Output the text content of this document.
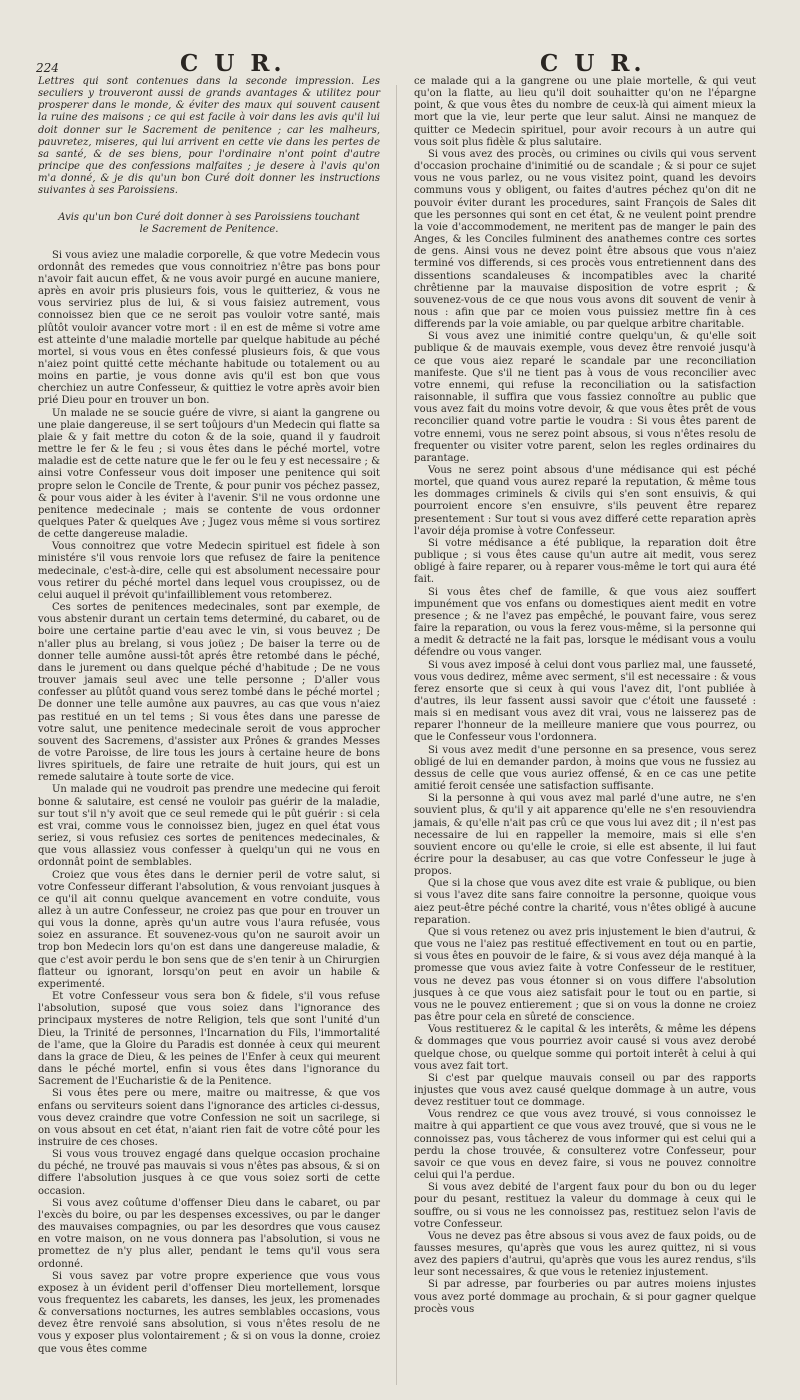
224	C U R.	C U R.

Lettres qui sont contenues dans la seconde impression. Les seculiers y trouveront aussi de grands avantages & utilitez pour prosperer dans le monde, & éviter des maux qui souvent causent la ruine des maisons ; ce qui est facile à voir dans les avis qu'il lui doit donner sur le Sacrement de penitence ; car les malheurs, pauvretez, miseres, qui lui arrivent en cette vie dans les pertes de sa santé, & de ses biens, pour l'ordinaire n'ont point d'autre principe que des confessions malfaites ; je desere à l'avis qu'on m'a donné, & je dis qu'un bon Curé doit donner les instructions suivantes à ses Paroissiens.

Avis qu'un bon Curé doit donner à ses Paroissiens touchant le Sacrement de Penitence.

Si vous aviez une maladie corporelle, & que votre Medecin vous ordonnât des remedes que vous connoitriez n'être pas bons pour n'avoir fait aucun effet, & ne vous avoir purgé en aucune maniere, après en avoir pris plusieurs fois, vous le quitteriez, & vous ne vous serviriez plus de lui, & si vous faisiez autrement, vous connoissez bien que ce ne seroit pas vouloir votre santé, mais plûtôt vouloir avancer votre mort : il en est de même si votre ame est atteinte d'une maladie mortelle par quelque habitude au péché mortel, si vous vous en êtes confessé plusieurs fois, & que vous n'aiez point quitté cette méchante habitude ou totalement ou au moins en partie, je vous donne avis qu'il est bon que vous cherchiez un autre Confesseur, & quittiez le votre après avoir bien prié Dieu pour en trouver un bon.

Un malade ne se soucie guére de vivre, si aiant la gangrene ou une plaie dangereuse, il se sert toûjours d'un Medecin qui flatte sa plaie & y fait mettre du coton & de la soie, quand il y faudroit mettre le fer & le feu ; si vous êtes dans le péché mortel, votre maladie est de cette nature que le fer ou le feu y est necessaire ; & ainsi votre Confesseur vous doit imposer une penitence qui soit propre selon le Concile de Trente, & pour punir vos péchez passez, & pour vous aider à les éviter à l'avenir. S'il ne vous ordonne une penitence medecinale ; mais se contente de vous ordonner quelques Pater & quelques Ave ; Jugez vous même si vous sortirez de cette dangereuse maladie.

Vous connoitrez que votre Medecin spirituel est fidele à son ministére s'il vous renvoie lors que refusez de faire la penitence medecinale, c'est-à-dire, celle qui est absolument necessaire pour vous retirer du péché mortel dans lequel vous croupissez, ou de celui auquel il prévoit qu'infailliblement vous retomberez.

Ces sortes de penitences medecinales, sont par exemple, de vous abstenir durant un certain tems determiné, du cabaret, ou de boire une certaine partie d'eau avec le vin, si vous beuvez ; De n'aller plus au brelang, si vous joüez ; De baiser la terre ou de donner telle aumône aussi-tôt aprés être retombé dans le péché, dans le jurement ou dans quelque péché d'habitude ; De ne vous trouver jamais seul avec une telle personne ; D'aller vous confesser au plûtôt quand vous serez tombé dans le péché mortel ; De donner une telle aumône aux pauvres, au cas que vous n'aiez pas restitué en un tel tems ; Si vous êtes dans une paresse de votre salut, une penitence medecinale seroit de vous approcher souvent des Sacremens, d'assister aux Prônes & grandes Messes de votre Paroisse, de lire tous les jours à certaine heure de bons livres spirituels, de faire une retraite de huit jours, qui est un remede salutaire à toute sorte de vice.

Un malade qui ne voudroit pas prendre une medecine qui feroit bonne & salutaire, est censé ne vouloir pas guérir de la maladie, sur tout s'il n'y avoit que ce seul remede qui le pût guérir : si cela est vrai, comme vous le connoissez bien, jugez en quel état vous seriez, si vous refusiez ces sortes de penitences medecinales, & que vous allassiez vous confesser à quelqu'un qui ne vous en ordonnât point de semblables.

Croiez que vous êtes dans le dernier peril de votre salut, si votre Confesseur differant l'absolution, & vous renvoiant jusques à ce qu'il ait connu quelque avancement en votre conduite, vous allez à un autre Confesseur, ne croiez pas que pour en trouver un qui vous la donne, après qu'un autre vous l'aura refusée, vous soiez en assurance. Et souvenez-vous qu'on ne sauroit avoir un trop bon Medecin lors qu'on est dans une dangereuse maladie, & que c'est avoir perdu le bon sens que de s'en tenir à un Chirurgien flatteur ou ignorant, lorsqu'on peut en avoir un habile & experimenté.

Et votre Confesseur vous sera bon & fidele, s'il vous refuse l'absolution, suposé que vous soiez dans l'ignorance des principaux mysteres de notre Religion, tels que sont l'unité d'un Dieu, la Trinité de personnes, l'Incarnation du Fils, l'immortalité de l'ame, que la Gloire du Paradis est donnée à ceux qui meurent dans la grace de Dieu, & les peines de l'Enfer à ceux qui meurent dans le péché mortel, enfin si vous êtes dans l'ignorance du Sacrement de l'Eucharistie & de la Penitence.

Si vous êtes pere ou mere, maitre ou maitresse, & que vos enfans ou serviteurs soient dans l'ignorance des articles ci-dessus, vous devez craindre que votre Confession ne soit un sacrilege, si on vous absout en cet état, n'aiant rien fait de votre côté pour les instruire de ces choses.

Si vous vous trouvez engagé dans quelque occasion prochaine du péché, ne trouvé pas mauvais si vous n'êtes pas absous, & si on differe l'absolution jusques à ce que vous soiez sorti de cette occasion.

Si vous avez coûtume d'offenser Dieu dans le cabaret, ou par l'excès du boire, ou par les despenses excessives, ou par le danger des mauvaises compagnies, ou par les desordres que vous causez en votre maison, on ne vous donnera pas l'absolution, si vous ne promettez de n'y plus aller, pendant le tems qu'il vous sera ordonné.

Si vous savez par votre propre experience que vous vous exposez à un évident peril d'offenser Dieu mortellement, lorsque vous frequentez les cabarets, les danses, les jeux, les promenades & conversations nocturnes, les autres semblables occasions, vous devez être renvoié sans absolution, si vous n'êtes resolu de ne vous y exposer plus volontairement ; & si on vous la donne, croiez que vous êtes comme

ce malade qui a la gangrene ou une plaie mortelle, & qui veut qu'on la flatte, au lieu qu'il doit souhaitter qu'on ne l'épargne point, & que vous êtes du nombre de ceux-là qui aiment mieux la mort que la vie, leur perte que leur salut. Ainsi ne manquez de quitter ce Medecin spirituel, pour avoir recours à un autre qui vous soit plus fidèle & plus salutaire.

Si vous avez des procès, ou crimines ou civils qui vous servent d'occasion prochaine d'inimitié ou de scandale ; & si pour ce sujet vous ne vous parlez, ou ne vous visitez point, quand les devoirs communs vous y obligent, ou faites d'autres péchez qu'on dit ne pouvoir éviter durant les procedures, saint François de Sales dit que les personnes qui sont en cet état, & ne veulent point prendre la voie d'accommodement, ne meritent pas de manger le pain des Anges, & les Conciles fulminent des anathemes contre ces sortes de gens. Ainsi vous ne devez point être absous que vous n'aiez terminé vos differends, si ces procès vous entretiennent dans des dissentions scandaleuses & incompatibles avec la charité chrêtienne par la mauvaise disposition de votre esprit ; & souvenez-vous de ce que nous vous avons dit souvent de venir à nous : afin que par ce moien vous puissiez mettre fin à ces differends par la voie amiable, ou par quelque arbitre charitable.

Si vous avez une inimitié contre quelqu'un, & qu'elle soit publique & de mauvais exemple, vous devez être renvoié jusqu'à ce que vous aiez reparé le scandale par une reconciliation manifeste. Que s'il ne tient pas à vous de vous reconcilier avec votre ennemi, qui refuse la reconciliation ou la satisfaction raisonnable, il suffira que vous fassiez connoître au public que vous avez fait du moins votre devoir, & que vous êtes prêt de vous reconcilier quand votre partie le voudra : Si vous êtes parent de votre ennemi, vous ne serez point absous, si vous n'êtes resolu de frequenter ou visiter votre parent, selon les regles ordinaires du parantage.

Vous ne serez point absous d'une médisance qui est péché mortel, que quand vous aurez reparé la reputation, & même tous les dommages criminels & civils qui s'en sont ensuivis, & qui pourroient encore s'en ensuivre, s'ils peuvent être reparez presentement : Sur tout si vous avez differé cette reparation après l'avoir déja promise à votre Confesseur.

Si votre médisance a été publique, la reparation doit être publique ; si vous êtes cause qu'un autre ait medit, vous serez obligé à faire reparer, ou à reparer vous-même le tort qui aura été fait.

Si vous êtes chef de famille, & que vous aiez souffert impunément que vos enfans ou domestiques aient medit en votre presence ; & ne l'avez pas empêché, le pouvant faire, vous serez faire la reparation, ou vous la ferez vous-même, si la personne qui a medit & detracté ne la fait pas, lorsque le médisant vous a voulu défendre ou vous vanger.

Si vous avez imposé à celui dont vous parliez mal, une fausseté, vous vous dedirez, même avec serment, s'il est necessaire : & vous ferez ensorte que si ceux à qui vous l'avez dit, l'ont publiée à d'autres, ils leur fassent aussi savoir que c'étoit une fausseté : mais si en medisant vous avez dit vrai, vous ne laisserez pas de reparer l'honneur de la meilleure maniere que vous pourrez, ou que le Confesseur vous l'ordonnera.

Si vous avez medit d'une personne en sa presence, vous serez obligé de lui en demander pardon, à moins que vous ne fussiez au dessus de celle que vous auriez offensé, & en ce cas une petite amitié feroit censée une satisfaction suffisante.

Si la personne à qui vous avez mal parlé d'une autre, ne s'en souvient plus, & qu'il y ait apparence qu'elle ne s'en resouviendra jamais, & qu'elle n'ait pas crû ce que vous lui avez dit ; il n'est pas necessaire de lui en rappeller la memoire, mais si elle s'en souvient encore ou qu'elle le croie, si elle est absente, il lui faut écrire pour la desabuser, au cas que votre Confesseur le juge à propos.

Que si la chose que vous avez dite est vraie & publique, ou bien si vous l'avez dite sans faire connoitre la personne, quoique vous aiez peut-être péché contre la charité, vous n'êtes obligé à aucune reparation.

Que si vous retenez ou avez pris injustement le bien d'autrui, & que vous ne l'aiez pas restitué effectivement en tout ou en partie, si vous êtes en pouvoir de le faire, & si vous avez déja manqué à la promesse que vous aviez faite à votre Confesseur de le restituer, vous ne devez pas vous étonner si on vous differe l'absolution jusques à ce que vous aiez satisfait pour le tout ou en partie, si vous ne le pouvez entierement ; que si on vous la donne ne croiez pas être pour cela en sûreté de conscience.

Vous restituerez & le capital & les interêts, & même les dépens & dommages que vous pourriez avoir causé si vous avez derobé quelque chose, ou quelque somme qui portoit interêt à celui à qui vous avez fait tort.

Si c'est par quelque mauvais conseil ou par des rapports injustes que vous avez causé quelque dommage à un autre, vous devez restituer tout ce dommage.

Vous rendrez ce que vous avez trouvé, si vous connoissez le maitre à qui appartient ce que vous avez trouvé, que si vous ne le connoissez pas, vous tâcherez de vous informer qui est celui qui a perdu la chose trouvée, & consulterez votre Confesseur, pour savoir ce que vous en devez faire, si vous ne pouvez connoitre celui qui l'a perdue.

Si vous avez debité de l'argent faux pour du bon ou du leger pour du pesant, restituez la valeur du dommage à ceux qui le souffre, ou si vous ne les connoissez pas, restituez selon l'avis de votre Confesseur.

Vous ne devez pas être absous si vous avez de faux poids, ou de fausses mesures, qu'après que vous les aurez quittez, ni si vous avez des papiers d'autrui, qu'après que vous les aurez rendus, s'ils leur sont necessaires, & que vous le reteniez injustement.

Si par adresse, par fourberies ou par autres moiens injustes vous avez porté dommage au prochain, & si pour gagner quelque procès vous
